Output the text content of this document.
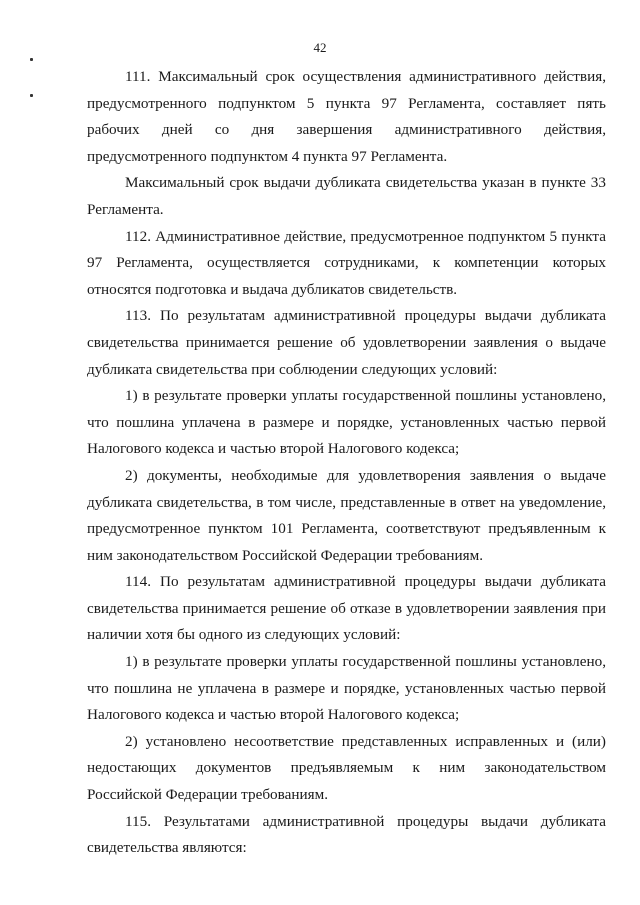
42

111. Максимальный срок осуществления административного действия, предусмотренного подпунктом 5 пункта 97 Регламента, составляет пять рабочих дней со дня завершения административного действия, предусмотренного подпунктом 4 пункта 97 Регламента.

Максимальный срок выдачи дубликата свидетельства указан в пункте 33 Регламента.

112. Административное действие, предусмотренное подпунктом 5 пункта 97 Регламента, осуществляется сотрудниками, к компетенции которых относятся подготовка и выдача дубликатов свидетельств.

113. По результатам административной процедуры выдачи дубликата свидетельства принимается решение об удовлетворении заявления о выдаче дубликата свидетельства при соблюдении следующих условий:

1) в результате проверки уплаты государственной пошлины установлено, что пошлина уплачена в размере и порядке, установленных частью первой Налогового кодекса и частью второй Налогового кодекса;

2) документы, необходимые для удовлетворения заявления о выдаче дубликата свидетельства, в том числе, представленные в ответ на уведомление, предусмотренное пунктом 101 Регламента, соответствуют предъявленным к ним законодательством Российской Федерации требованиям.

114. По результатам административной процедуры выдачи дубликата свидетельства принимается решение об отказе в удовлетворении заявления при наличии хотя бы одного из следующих условий:

1) в результате проверки уплаты государственной пошлины установлено, что пошлина не уплачена в размере и порядке, установленных частью первой Налогового кодекса и частью второй Налогового кодекса;

2) установлено несоответствие представленных исправленных и (или) недостающих документов предъявляемым к ним законодательством Российской Федерации требованиям.

115. Результатами административной процедуры выдачи дубликата свидетельства являются:
